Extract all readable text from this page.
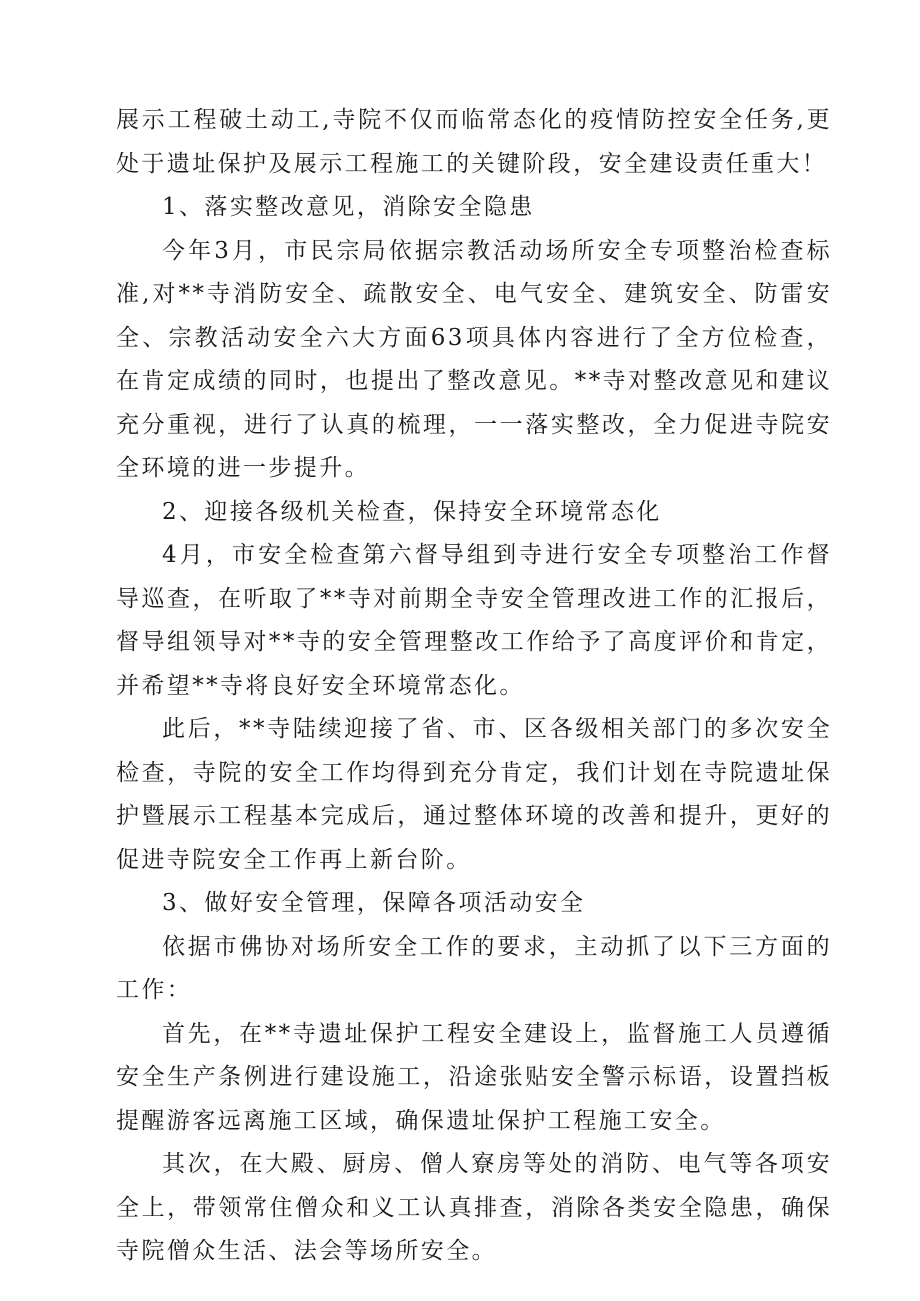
展示工程破土动工,寺院不仅而临常态化的疫情防控安全任务,更处于遗址保护及展示工程施工的关键阶段，安全建设责任重大！

1、落实整改意见，消除安全隐患

今年3月，市民宗局依据宗教活动场所安全专项整治检查标准,对**寺消防安全、疏散安全、电气安全、建筑安全、防雷安全、宗教活动安全六大方面63项具体内容进行了全方位检查，在肯定成绩的同时，也提出了整改意见。**寺对整改意见和建议充分重视，进行了认真的梳理，一一落实整改，全力促进寺院安全环境的进一步提升。

2、迎接各级机关检查，保持安全环境常态化

4月，市安全检查第六督导组到寺进行安全专项整治工作督导巡查，在听取了**寺对前期全寺安全管理改进工作的汇报后，督导组领导对**寺的安全管理整改工作给予了高度评价和肯定，并希望**寺将良好安全环境常态化。

此后，**寺陆续迎接了省、市、区各级相关部门的多次安全检查，寺院的安全工作均得到充分肯定，我们计划在寺院遗址保护暨展示工程基本完成后，通过整体环境的改善和提升，更好的促进寺院安全工作再上新台阶。

3、做好安全管理，保障各项活动安全

依据市佛协对场所安全工作的要求，主动抓了以下三方面的工作：

首先，在**寺遗址保护工程安全建设上，监督施工人员遵循安全生产条例进行建设施工，沿途张贴安全警示标语，设置挡板提醒游客远离施工区域，确保遗址保护工程施工安全。

其次，在大殿、厨房、僧人寮房等处的消防、电气等各项安全上，带领常住僧众和义工认真排查，消除各类安全隐患，确保寺院僧众生活、法会等场所安全。
